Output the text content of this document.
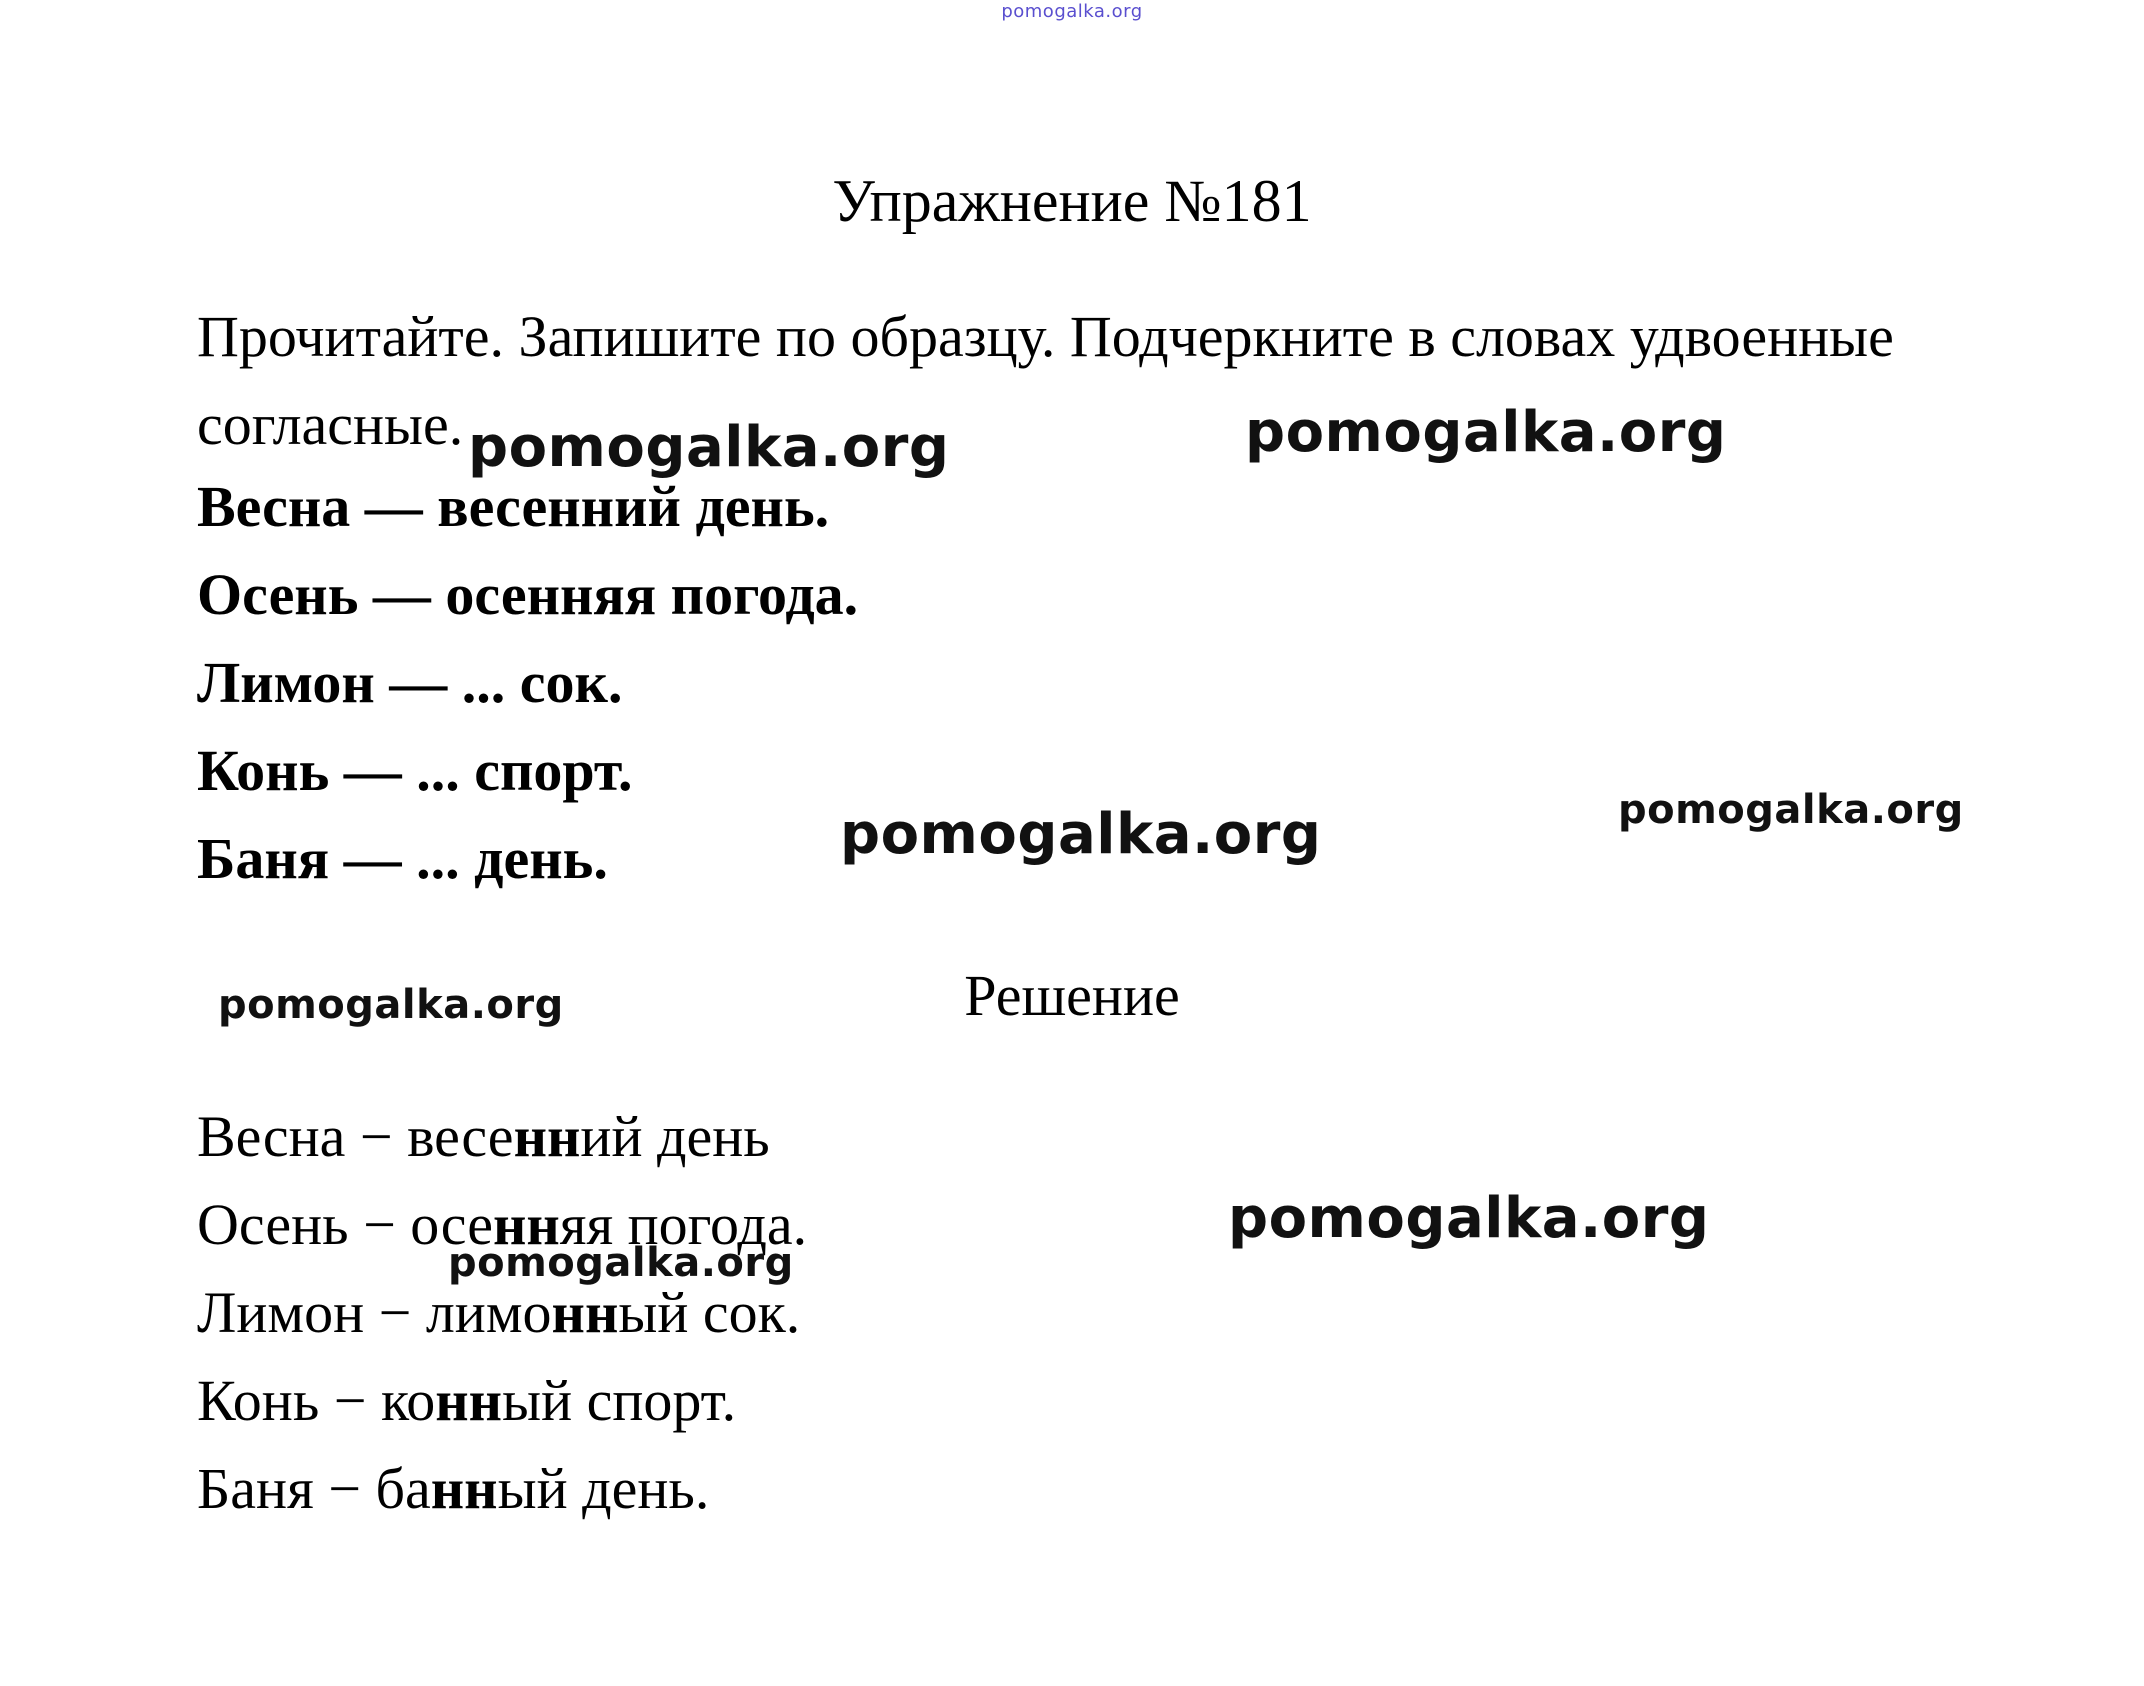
pomogalka.org
Упражнение №181
Прочитайте. Запишите по образцу. Подчеркните в словах удвоенные согласные.
Весна — весенний день.
Осень — осенняя погода.
Лимон — ... сок.
Конь — ... спорт.
Баня — ... день.
Решение
Весна − весенний день
Осень − осенняя погода.
Лимон − лимонный сок.
Конь − конный спорт.
Баня − банный день.
pomogalka.org	pomogalka.org
pomogalka.org
pomogalka.org
pomogalka.org
pomogalka.org
pomogalka.org
